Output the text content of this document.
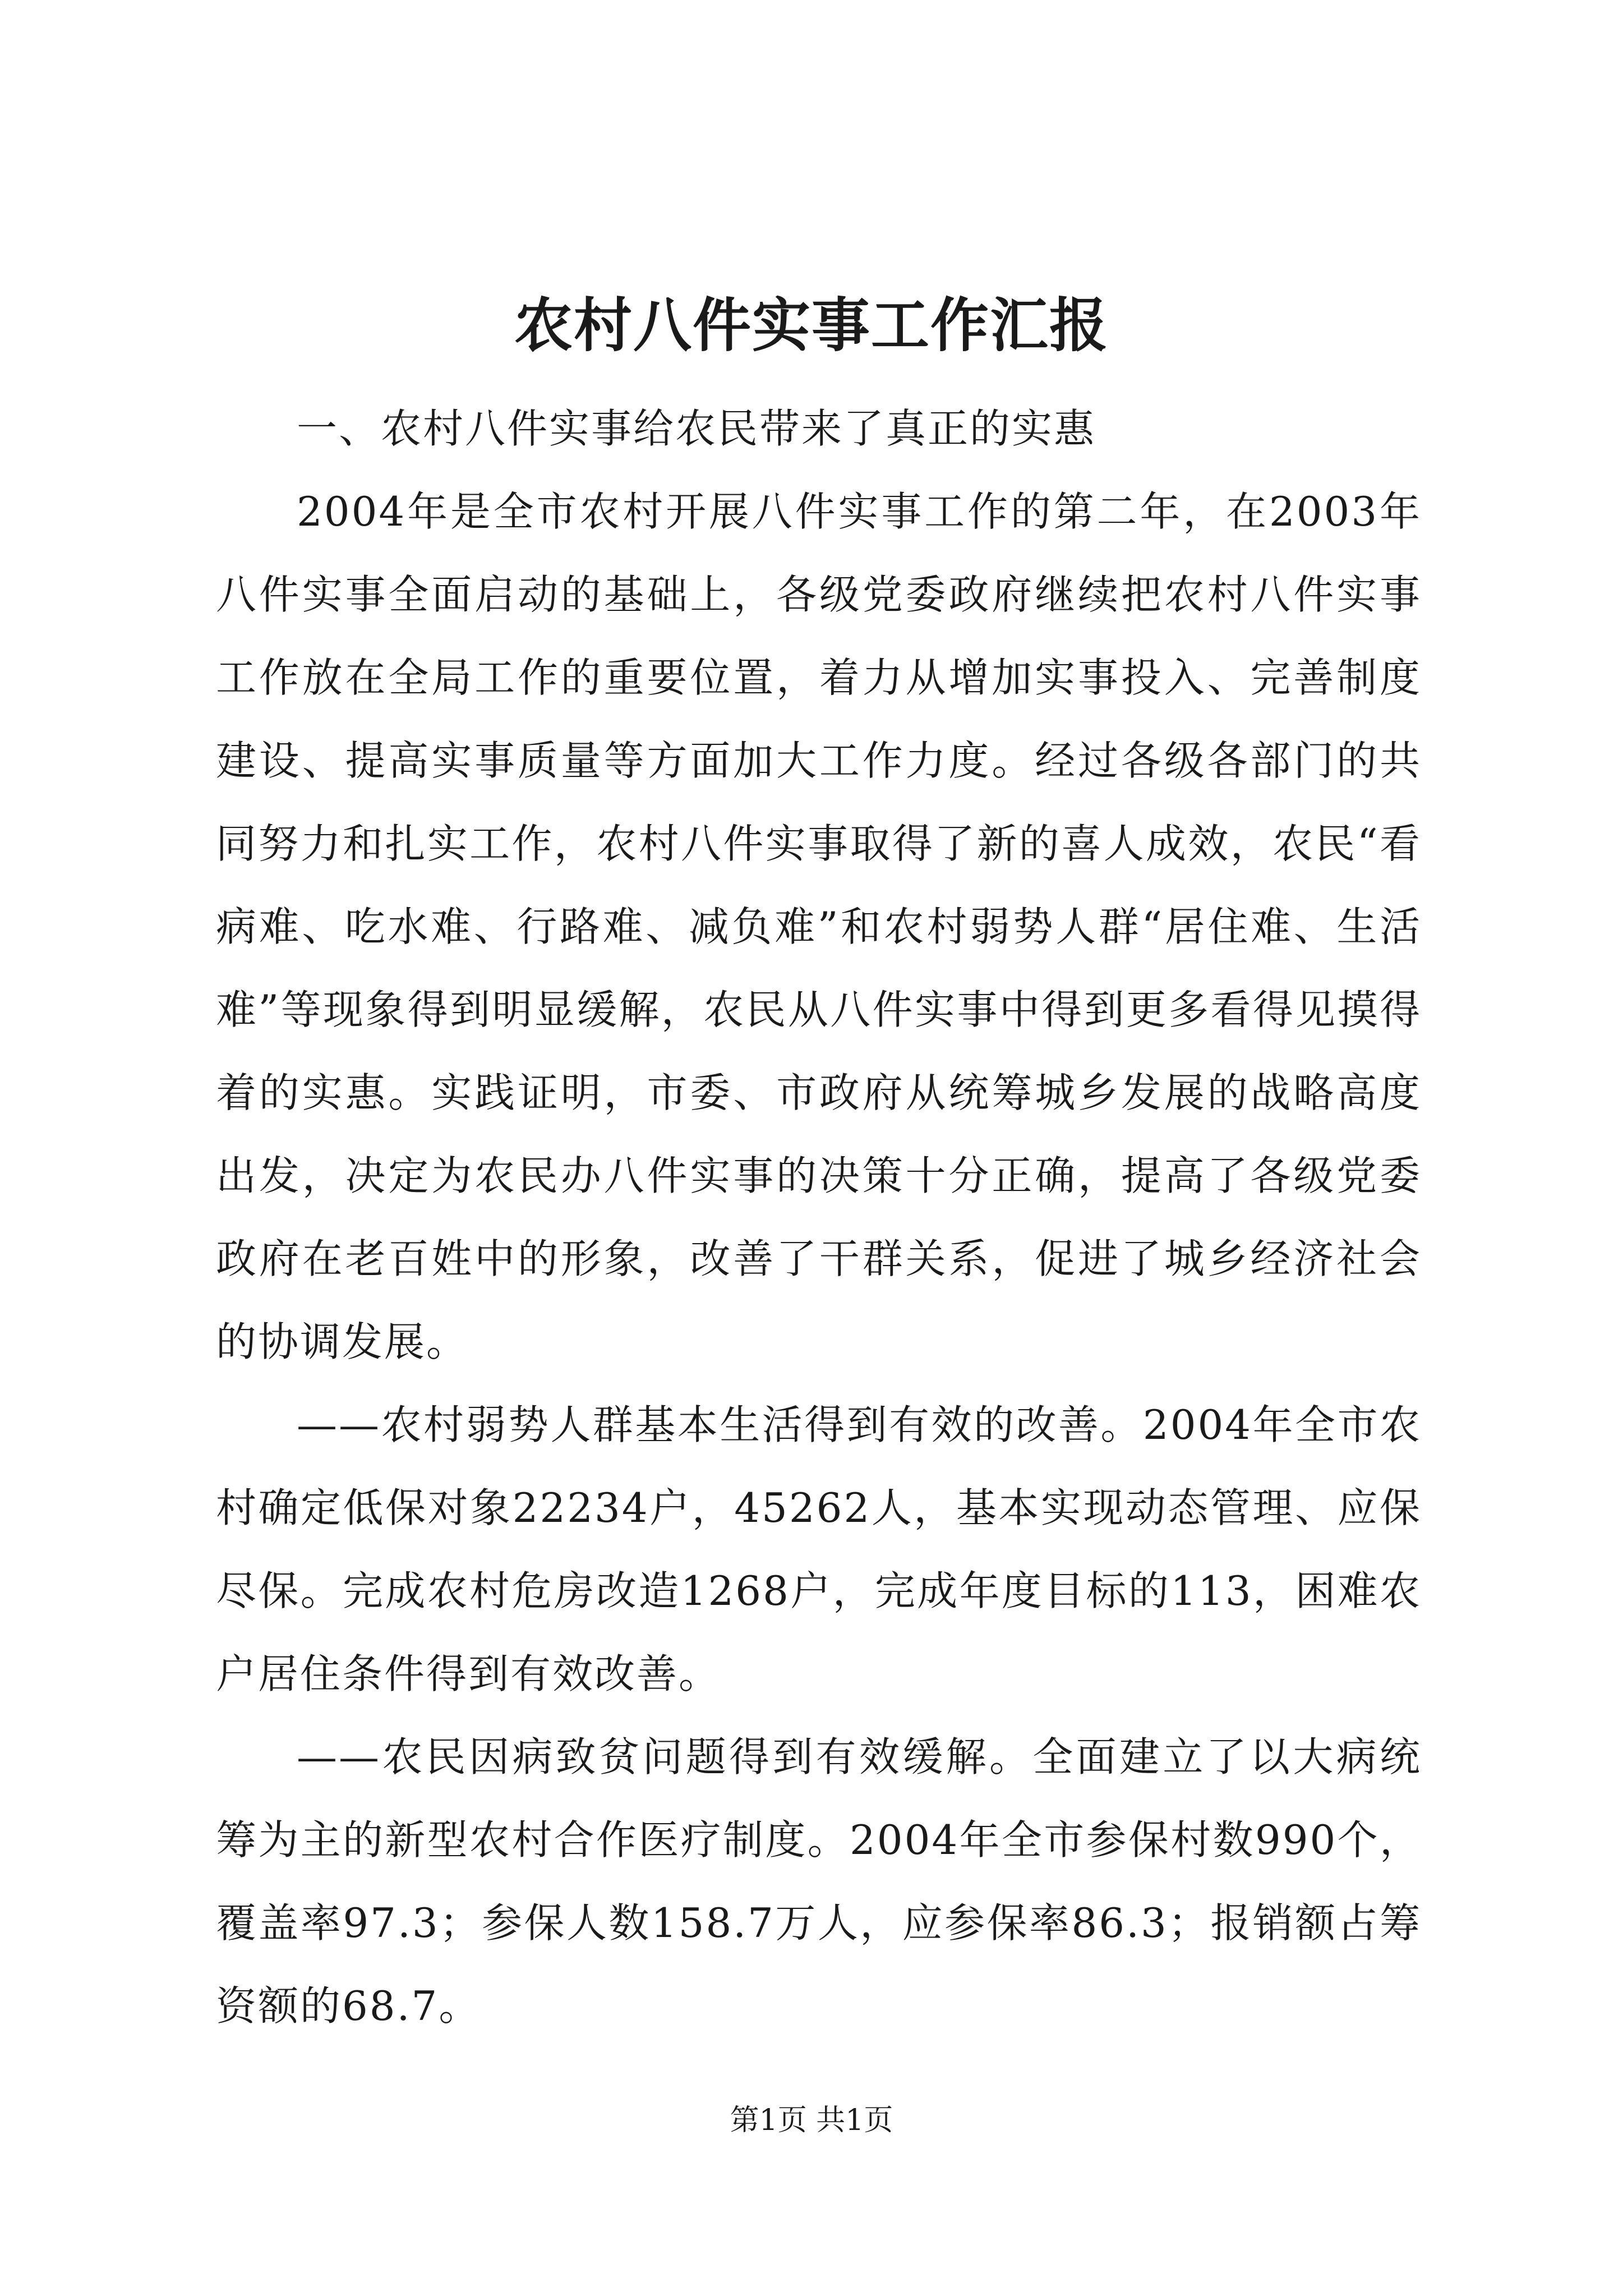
农村八件实事工作汇报

一、农村八件实事给农民带来了真正的实惠

2004年是全市农村开展八件实事工作的第二年，在2003年八件实事全面启动的基础上，各级党委政府继续把农村八件实事工作放在全局工作的重要位置，着力从增加实事投入、完善制度建设、提高实事质量等方面加大工作力度。经过各级各部门的共同努力和扎实工作，农村八件实事取得了新的喜人成效，农民“看病难、吃水难、行路难、减负难”和农村弱势人群“居住难、生活难”等现象得到明显缓解，农民从八件实事中得到更多看得见摸得着的实惠。实践证明，市委、市政府从统筹城乡发展的战略高度出发，决定为农民办八件实事的决策十分正确，提高了各级党委政府在老百姓中的形象，改善了干群关系，促进了城乡经济社会的协调发展。

——农村弱势人群基本生活得到有效的改善。2004年全市农村确定低保对象22234户，45262人，基本实现动态管理、应保尽保。完成农村危房改造1268户，完成年度目标的113，困难农户居住条件得到有效改善。

——农民因病致贫问题得到有效缓解。全面建立了以大病统筹为主的新型农村合作医疗制度。2004年全市参保村数990个，覆盖率97.3；参保人数158.7万人，应参保率86.3；报销额占筹资额的68.7。

第1页 共1页
